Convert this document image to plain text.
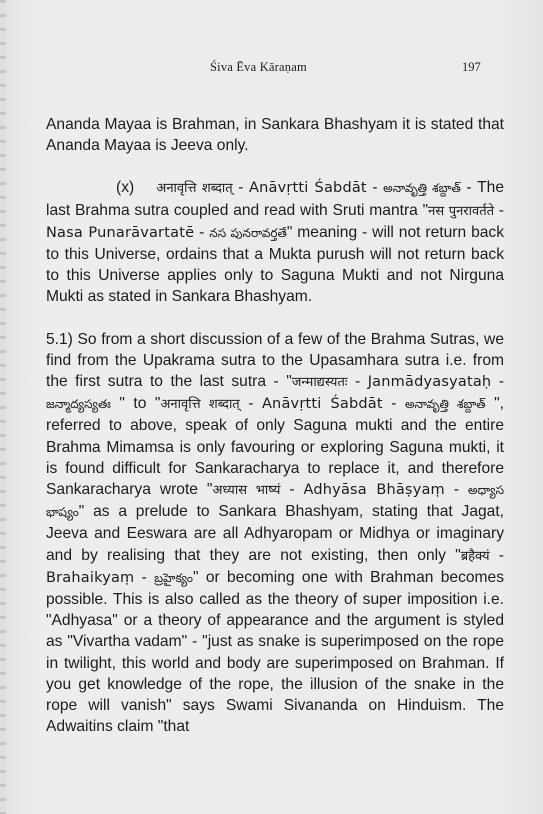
Śiva Ēva Kāraṇam	197

Ananda Mayaa is Brahman, in Sankara Bhashyam it is stated that Ananda Mayaa is Jeeva only.

(x) अनावृत्ति शब्दात् - Anāvṛtti Śabdāt - అనావృత్తి శబ్దాత్ - The last Brahma sutra coupled and read with Sruti mantra "नस पुनरावर्तते - Nasa Punarāvartatē - నస పునరావర్తతే" meaning - will not return back to this Universe, ordains that a Mukta purush will not return back to this Universe applies only to Saguna Mukti and not Nirguna Mukti as stated in Sankara Bhashyam.

5.1) So from a short discussion of a few of the Brahma Sutras, we find from the Upakrama sutra to the Upasamhara sutra i.e. from the first sutra to the last sutra - "जन्माद्यस्यतः - Janmādyasyataḥ - జన్మాద్యస్యతః " to "अनावृत्ति शब्दात् - Anāvṛtti Śabdāt - అనావృత్తి శబ్దాత్ ", referred to above, speak of only Saguna mukti and the entire Brahma Mimamsa is only favouring or exploring Saguna mukti, it is found difficult for Sankaracharya to replace it, and therefore Sankaracharya wrote "अध्यास भाष्यं - Adhyāsa Bhāṣyaṃ - అధ్యాస భాష్యం" as a prelude to Sankara Bhashyam, stating that Jagat, Jeeva and Eeswara are all Adhyaropam or Midhya or imaginary and by realising that they are not existing, then only "ब्रहैक्यं - Brahaikyaṃ - బ్రహైక్యం" or becoming one with Brahman becomes possible. This is also called as the theory of super imposition i.e. "Adhyasa" or a theory of appearance and the argument is styled as "Vivartha vadam" - "just as snake is superimposed on the rope in twilight, this world and body are superimposed on Brahman. If you get knowledge of the rope, the illusion of the snake in the rope will vanish" says Swami Sivananda on Hinduism. The Adwaitins claim "that
